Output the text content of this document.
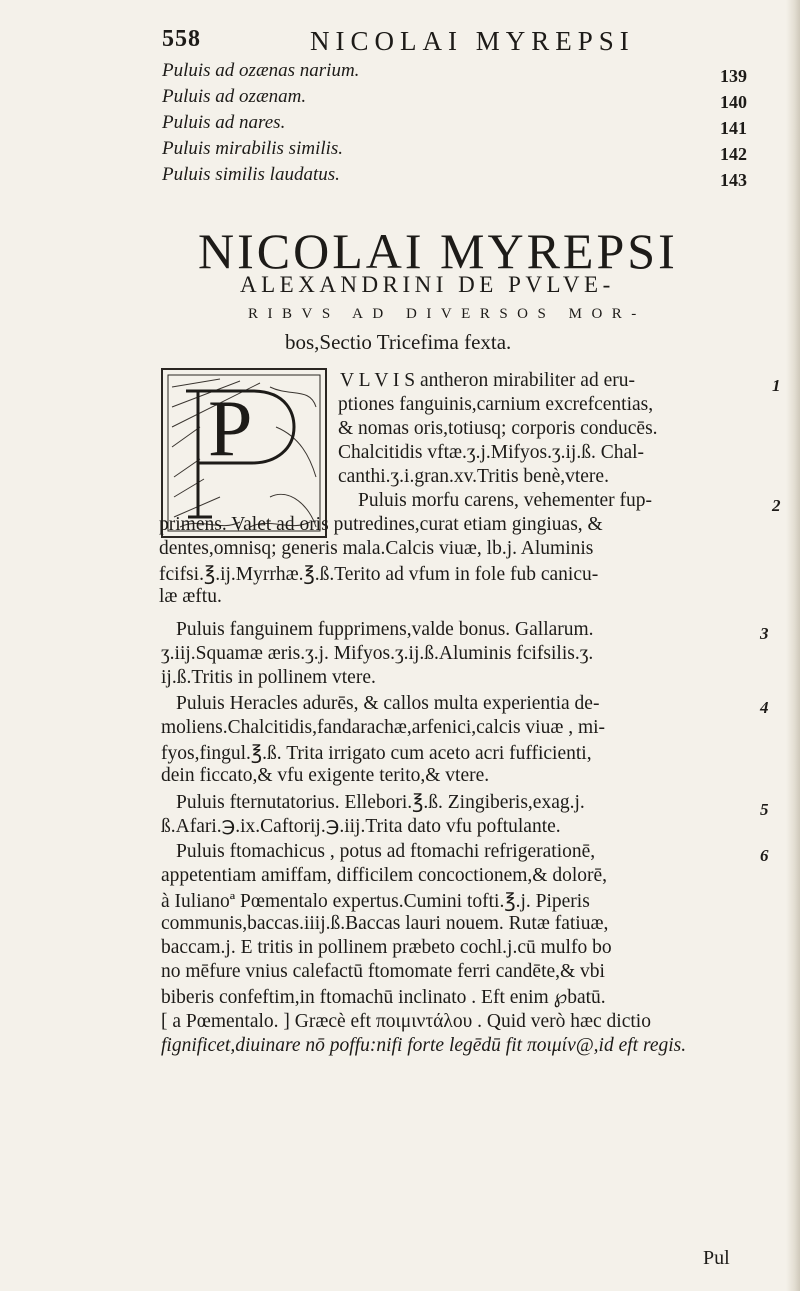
558	NICOLAI MYREPSI
Puluis ad ozænas narium.	139
Puluis ad ozænam.	140
Puluis ad nares.	141
Puluis mirabilis similis.	142
Puluis similis laudatus.	143
NICOLAI MYREPSI
ALEXANDRINI DE PVLVE-
RIBVS AD DIVERSOS MOR-
bos,Sectio Tricefima fexta.
P
V L V I S antheron mirabiliter ad eru-
ptiones fanguinis,carnium excrefcentias,
& nomas oris,totiusq; corporis conducēs.
Chalcitidis vftæ.ʒ.j.Mifyos.ʒ.ij.ß. Chal-
canthi.ʒ.i.gran.xv.Tritis benè,vtere.
Puluis morfu carens, vehementer fup-
primens. Valet ad oris putredines,curat etiam gingiuas, &
dentes,omnisq; generis mala.Calcis viuæ, lb.j. Aluminis
fcifsi.℥.ij.Myrrhæ.℥.ß.Terito ad vfum in fole fub canicu-
læ æftu.
Puluis fanguinem fupprimens,valde bonus. Gallarum.
ʒ.iij.Squamæ æris.ʒ.j. Mifyos.ʒ.ij.ß.Aluminis fcifsilis.ʒ.
ij.ß.Tritis in pollinem vtere.
Puluis Heracles adurēs, & callos multa experientia de-
moliens.Chalcitidis,fandarachæ,arfenici,calcis viuæ , mi-
fyos,fingul.℥.ß. Trita irrigato cum aceto acri fufficienti,
dein ficcato,& vfu exigente terito,& vtere.
Puluis fternutatorius. Ellebori.℥.ß. Zingiberis,exag.j.
ß.Afari.℈.ix.Caftorij.℈.iij.Trita dato vfu poftulante.
Puluis ftomachicus , potus ad ftomachi refrigerationē,
appetentiam amiffam, difficilem concoctionem,& dolorē,
à Iulianoª Pœmentalo expertus.Cumini tofti.℥.j. Piperis
communis,baccas.iiij.ß.Baccas lauri nouem. Rutæ fatiuæ,
baccam.j. E tritis in pollinem præbeto cochl.j.cū mulfo bo
no mēfure vnius calefactū ftomomate ferri candēte,& vbi
biberis confeftim,in ftomachū inclinato . Eft enim ℘batū.
[ a Pœmentalo. ] Græcè eft ποιμιντάλου . Quid verò hæc dictio
fignificet,diuinare nō poffu:nifi forte legēdū fit ποιμίν@,id eft regis.
1
2
3
4
5
6
Pul
